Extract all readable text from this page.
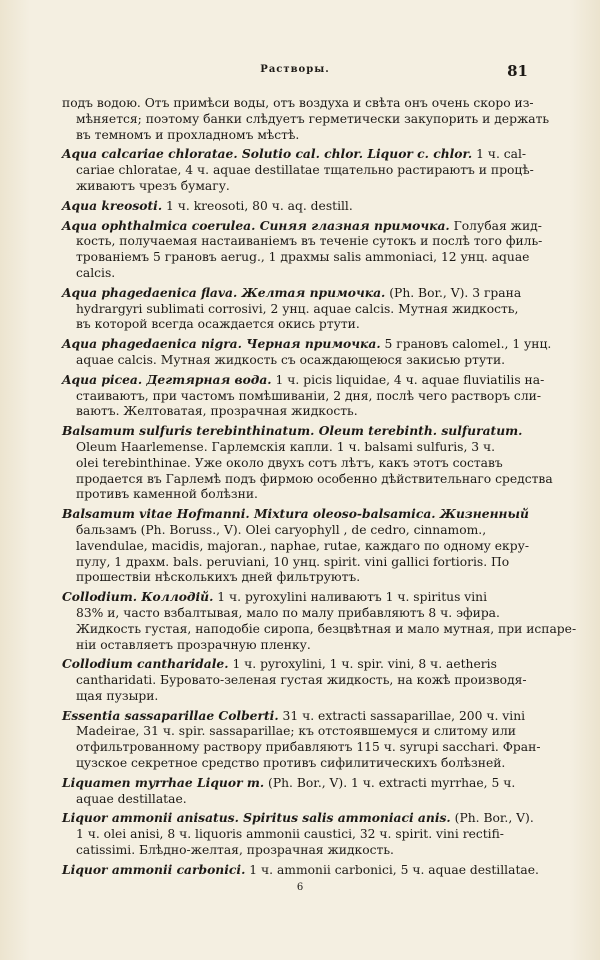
Растворы.	81
подъ водою. Отъ примѣси воды, отъ воздуха и свѣта онъ очень скоро из-
мѣняется; поэтому банки слѣдуетъ герметически закупорить и держать
въ темномъ и прохладномъ мѣстѣ.
Aqua calcariae chloratae. Solutio cal. chlor. Liquor c. chlor. 1 ч. cal-
cariae chloratae, 4 ч. aquae destillatae тщательно растираютъ и процѣ-
живаютъ чрезъ бумагу.
Aqua kreosoti. 1 ч. kreosoti, 80 ч. aq. destill.
Aqua ophthalmica coerulea. Синяя глазная примочка. Голубая жид-
кость, получаемая настаиваніемъ въ теченіе сутокъ и послѣ того филь-
трованіемъ 5 грановъ aerug., 1 драхмы salis ammoniaci, 12 унц. aquae
calcis.
Aqua phagedaenica flava. Желтая примочка. (Ph. Bor., V). 3 грана
hydrargyri sublimati corrosivi, 2 унц. aquae calcis. Мутная жидкость,
въ которой всегда осаждается окись ртути.
Aqua phagedaenica nigra. Черная примочка. 5 грановъ calomel., 1 унц.
aquae calcis. Мутная жидкость съ осаждающеюся закисью ртути.
Aqua picea. Дегтярная вода. 1 ч. picis liquidae, 4 ч. aquae fluviatilis на-
стаиваютъ, при частомъ помѣшиваніи, 2 дня, послѣ чего растворъ сли-
ваютъ. Желтоватая, прозрачная жидкость.
Balsamum sulfuris terebinthinatum. Oleum terebinth. sulfuratum.
Oleum Haarlemense. Гарлемскія капли. 1 ч. balsami sulfuris, 3 ч.
olei terebinthinae. Уже около двухъ сотъ лѣтъ, какъ этотъ составъ
продается въ Гарлемѣ подъ фирмою особенно дѣйствительнаго средства
противъ каменной болѣзни.
Balsamum vitae Hofmanni. Mixtura oleoso-balsamica. Жизненный
бальзамъ (Ph. Boruss., V). Olei caryophyll , de cedro, cinnamom.,
lavendulae, macidis, majoran., naphae, rutae, каждаго по одному екру-
пулу, 1 драхм. bals. peruviani, 10 унц. spirit. vini gallici fortioris. По
прошествіи нѣсколькихъ дней фильтруютъ.
Collodium. Коллодій. 1 ч. pyroxylini наливаютъ 1 ч. spiritus vini
83% и, часто взбалтывая, мало по малу прибавляютъ 8 ч. эфира.
Жидкость густая, наподобіе сиропа, безцвѣтная и мало мутная, при испаре-
ніи оставляетъ прозрачную пленку.
Collodium cantharidale. 1 ч. pyroxylini, 1 ч. spir. vini, 8 ч. aetheris
cantharidati. Буровато-зеленая густая жидкость, на кожѣ производя-
щая пузыри.
Essentia sassaparillae Colberti. 31 ч. extracti sassaparillae, 200 ч. vini
Madeirae, 31 ч. spir. sassaparillae; къ отстоявшемуся и слитому или
отфильтрованному раствору прибавляютъ 115 ч. syrupi sacchari. Фран-
цузское секретное средство противъ сифилитическихъ болѣзней.
Liquamen myrrhae Liquor m. (Ph. Bor., V). 1 ч. extracti myrrhae, 5 ч.
aquae destillatae.
Liquor ammonii anisatus. Spiritus salis ammoniaci anis. (Ph. Bor., V).
1 ч. olei anisi, 8 ч. liquoris ammonii caustici, 32 ч. spirit. vini rectifi-
catissimi. Блѣдно-желтая, прозрачная жидкость.
Liquor ammonii carbonici. 1 ч. ammonii carbonici, 5 ч. aquae destillatae.
6
